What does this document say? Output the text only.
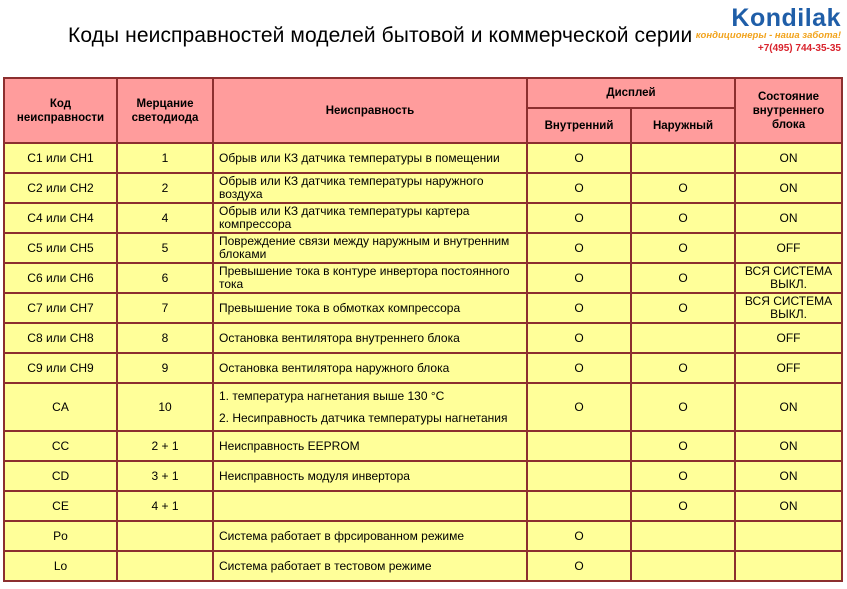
Коды неисправностей моделей бытовой и коммерческой серии
Kondilak
кондиционеры - наша забота!
+7(495) 744-35-35
Код неисправности	Мерцание светодиода	Неисправность	Дисплей		Состояние внутреннего блока
			Внутренний	Наружный	
C1 или CH1	1	Обрыв или КЗ датчика температуры в помещении	O		ON
C2 или CH2	2	Обрыв или КЗ датчика температуры наружного воздуха	O	O	ON
C4 или CH4	4	Обрыв или КЗ датчика температуры картера компрессора	O	O	ON
C5 или CH5	5	Повреждение связи между наружным и внутренним блоками	O	O	OFF
C6 или CH6	6	Превышение тока в контуре инвертора постоянного тока	O	O	ВСЯ СИСТЕМА ВЫКЛ.
C7 или CH7	7	Превышение тока в обмотках компрессора	O	O	ВСЯ СИСТЕМА ВЫКЛ.
C8 или CH8	8	Остановка вентилятора внутреннего блока	O		OFF
C9 или CH9	9	Остановка вентилятора наружного блока	O	O	OFF
CA	10	1. температура нагнетания выше 130 °С
2. Несиправность датчика температуры нагнетания	O	O	ON
CC	2 + 1	Неисправность EEPROM		O	ON
CD	3 + 1	Неисправность модуля инвертора		O	ON
CE	4 + 1			O	ON
Po		Система работает в фрсированном режиме	O		
Lo		Система работает в тестовом режиме	O		
